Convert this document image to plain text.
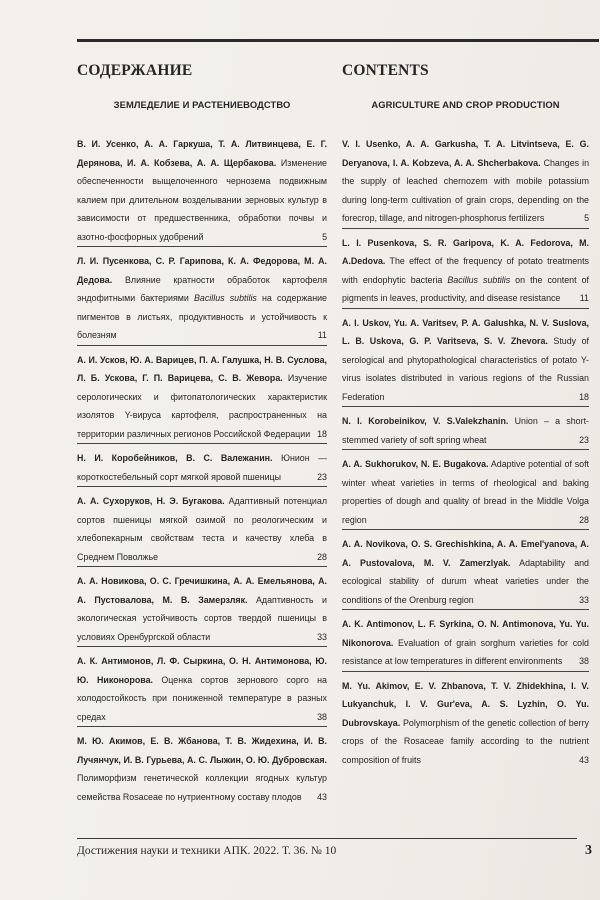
СОДЕРЖАНИЕ
ЗЕМЛЕДЕЛИЕ И РАСТЕНИЕВОДСТВО
В. И. Усенко, А. А. Гаркуша, Т. А. Литвинцева, Е. Г. Дерянова, И. А. Кобзева, А. А. Щербакова. Изменение обеспеченности выщелоченного чернозема подвижным калием при длительном возделывании зерновых культур в зависимости от предшественника, обработки почвы и азотно-фосфорных удобрений	5
Л. И. Пусенкова, С. Р. Гарипова, К. А. Федорова, М. А. Дедова. Влияние кратности обработок картофеля эндофитными бактериями Bacillus subtilis на содержание пигментов в листьях, продуктивность и устойчивость к болезням	11
А. И. Усков, Ю. А. Варицев, П. А. Галушка, Н. В. Суслова, Л. Б. Ускова, Г. П. Варицева, С. В. Жевора. Изучение серологических и фитопатологических характеристик изолятов Y-вируса картофеля, распространенных на территории различных регионов Российской Федерации 18
Н. И. Коробейников, В. С. Валежанин. Юнион — короткостебельный сорт мягкой яровой пшеницы	23
А. А. Сухоруков, Н. Э. Бугакова. Адаптивный потенциал сортов пшеницы мягкой озимой по реологическим и хлебопекарным свойствам теста и качеству хлеба в Среднем Поволжье	28
А. А. Новикова, О. С. Гречишкина, А. А. Емельянова, А. А. Пустовалова, М. В. Замерзляк. Адаптивность и экологическая устойчивость сортов твердой пшеницы в условиях Оренбургской области	33
А. К. Антимонов, Л. Ф. Сыркина, О. Н. Антимонова, Ю. Ю. Никонорова. Оценка сортов зернового сорго на холодостойкость при пониженной температуре в разных средах	38
М. Ю. Акимов, Е. В. Жбанова, Т. В. Жидехина, И. В. Лучянчук, И. В. Гурьева, А. С. Лыжин, О. Ю. Дубровская. Полиморфизм генетической коллекции ягодных культур семейства Rosaceae по нутриентному составу плодов 43
CONTENTS
AGRICULTURE AND CROP PRODUCTION
V. I. Usenko, A. A. Garkusha, T. A. Litvintseva, E. G. Deryanova, I. A. Kobzeva, A. A. Shcherbakova. Changes in the supply of leached chernozem with mobile potassium during long-term cultivation of grain crops, depending on the forecrop, tillage, and nitrogen-phosphorus fertilizers	5
L. I. Pusenkova, S. R. Garipova, K. A. Fedorova, M. A.Dedova. The effect of the frequency of potato treatments with endophytic bacteria Bacillus subtilis on the content of pigments in leaves, productivity, and disease resistance 11
A. I. Uskov, Yu. A. Varitsev, P. A. Galushka, N. V. Suslova, L. B. Uskova, G. P. Varitseva, S. V. Zhevora. Study of serological and phytopathological characteristics of potato Y-virus isolates distributed in various regions of the Russian Federation	18
N. I. Korobeinikov, V. S.Valekzhanin. Union – a short-stemmed variety of soft spring wheat	23
A. A. Sukhorukov, N. E. Bugakova. Adaptive potential of soft winter wheat varieties in terms of rheological and baking properties of dough and quality of bread in the Middle Volga region	28
A. A. Novikova, O. S. Grechishkina, A. A. Emel'yanova, A. A. Pustovalova, M. V. Zamerzlyak. Adaptability and ecological stability of durum wheat varieties under the conditions of the Orenburg region	33
A. K. Antimonov, L. F. Syrkina, O. N. Antimonova, Yu. Yu. Nikonorova. Evaluation of grain sorghum varieties for cold resistance at low temperatures in different environments 38
M. Yu. Akimov, E. V. Zhbanova, T. V. Zhidekhina, I. V. Lukyanchuk, I. V. Gur'eva, A. S. Lyzhin, O. Yu. Dubrovskaya. Polymorphism of the genetic collection of berry crops of the Rosaceae family according to the nutrient composition of fruits	43
Достижения науки и техники АПК. 2022. Т. 36. № 10	3
